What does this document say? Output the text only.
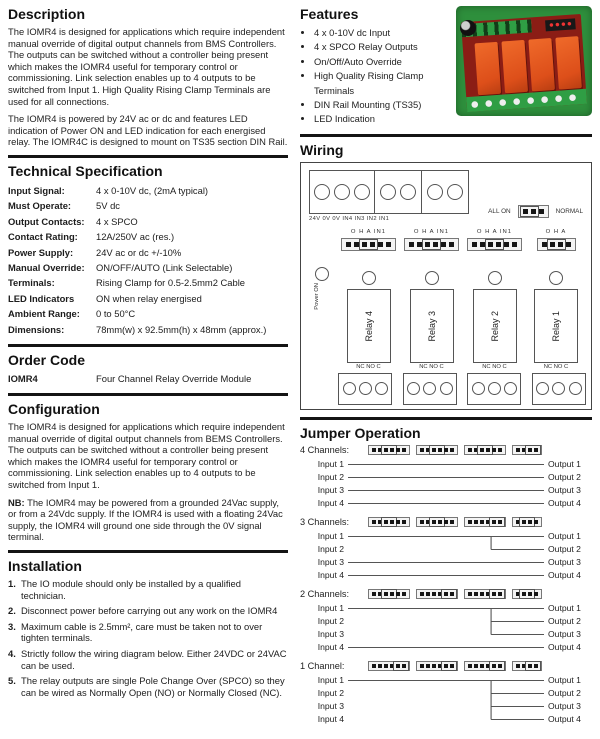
Description

The IOMR4 is designed for applications which require independent manual override of digital output channels from BMS Controllers. The outputs can be switched without a controller being present which makes the IOMR4 useful for temporary control or commissioning. Link selection enables up to 4 outputs to be switched from Input 1. High Quality Rising Clamp Terminals are used for all connections.

The IOMR4 is powered by 24V ac or dc and features LED indication of Power ON and LED indication for each energised relay. The IOMR4C is designed to mount on TS35 section DIN Rail.

Technical Specification
Input Signal:	4 x 0-10V dc, (2mA typical)
Must Operate:	5V dc
Output Contacts:	4 x SPCO
Contact Rating:	12A/250V ac (res.)
Power Supply:	24V ac or dc +/-10%
Manual Override:	ON/OFF/AUTO (Link Selectable)
Terminals:	Rising Clamp for 0.5-2.5mm2 Cable
LED Indicators	ON when relay energised
Ambient Range:	0 to 50°C
Dimensions:	78mm(w) x 92.5mm(h) x 48mm (approx.)
Order Code
IOMR4	Four Channel Relay Override Module
Configuration

The IOMR4 is designed for applications which require independent manual override of digital output channels from BEMS Controllers. The outputs can be switched without a controller being present which makes the IOMR4 useful for temporary control or commissioning. Link selection enables up to 4 outputs to be switched from Input 1.

NB: The IOMR4 may be powered from a grounded 24Vac supply, or from a 24Vdc supply. If the IOMR4 is used with a floating 24Vac supply, the IOMR4 will ground one side through the 0V signal terminal.

Installation
1. The IO module should only be installed by a qualified technician.
2. Disconnect power before carrying out any work on the IOMR4
3. Maximum cable is 2.5mm², care must be taken not to over tighten terminals.
4. Strictly follow the wiring diagram below. Either 24VDC or 24VAC can be used.
5. The relay outputs are single Pole Change Over (SPCO) so they can be wired as Normally Open (NO) or Normally Closed (NC).
Features
• 4 x 0-10V dc Input
• 4 x SPCO Relay Outputs
• On/Off/Auto Override
• High Quality Rising Clamp Terminals
• DIN Rail Mounting (TS35)
• LED Indication
Wiring
24V 0V 0V IN4 IN3 IN2 IN1
ALL ON	NORMAL
O H A IN1	O H A IN1	O H A IN1	O H A
Power ON
Relay 4	Relay 3	Relay 2	Relay 1
NC NO C	NC NO C	NC NO C	NC NO C
Jumper Operation
4 Channels:
Input 1
Input 2
Input 3
Input 4
Output 1
Output 2
Output 3
Output 4
3 Channels:
Input 1
Input 2
Input 3
Input 4
Output 1
Output 2
Output 3
Output 4
2 Channels:
Input 1
Input 2
Input 3
Input 4
Output 1
Output 2
Output 3
Output 4
1 Channel:
Input 1
Input 2
Input 3
Input 4
Output 1
Output 2
Output 3
Output 4
